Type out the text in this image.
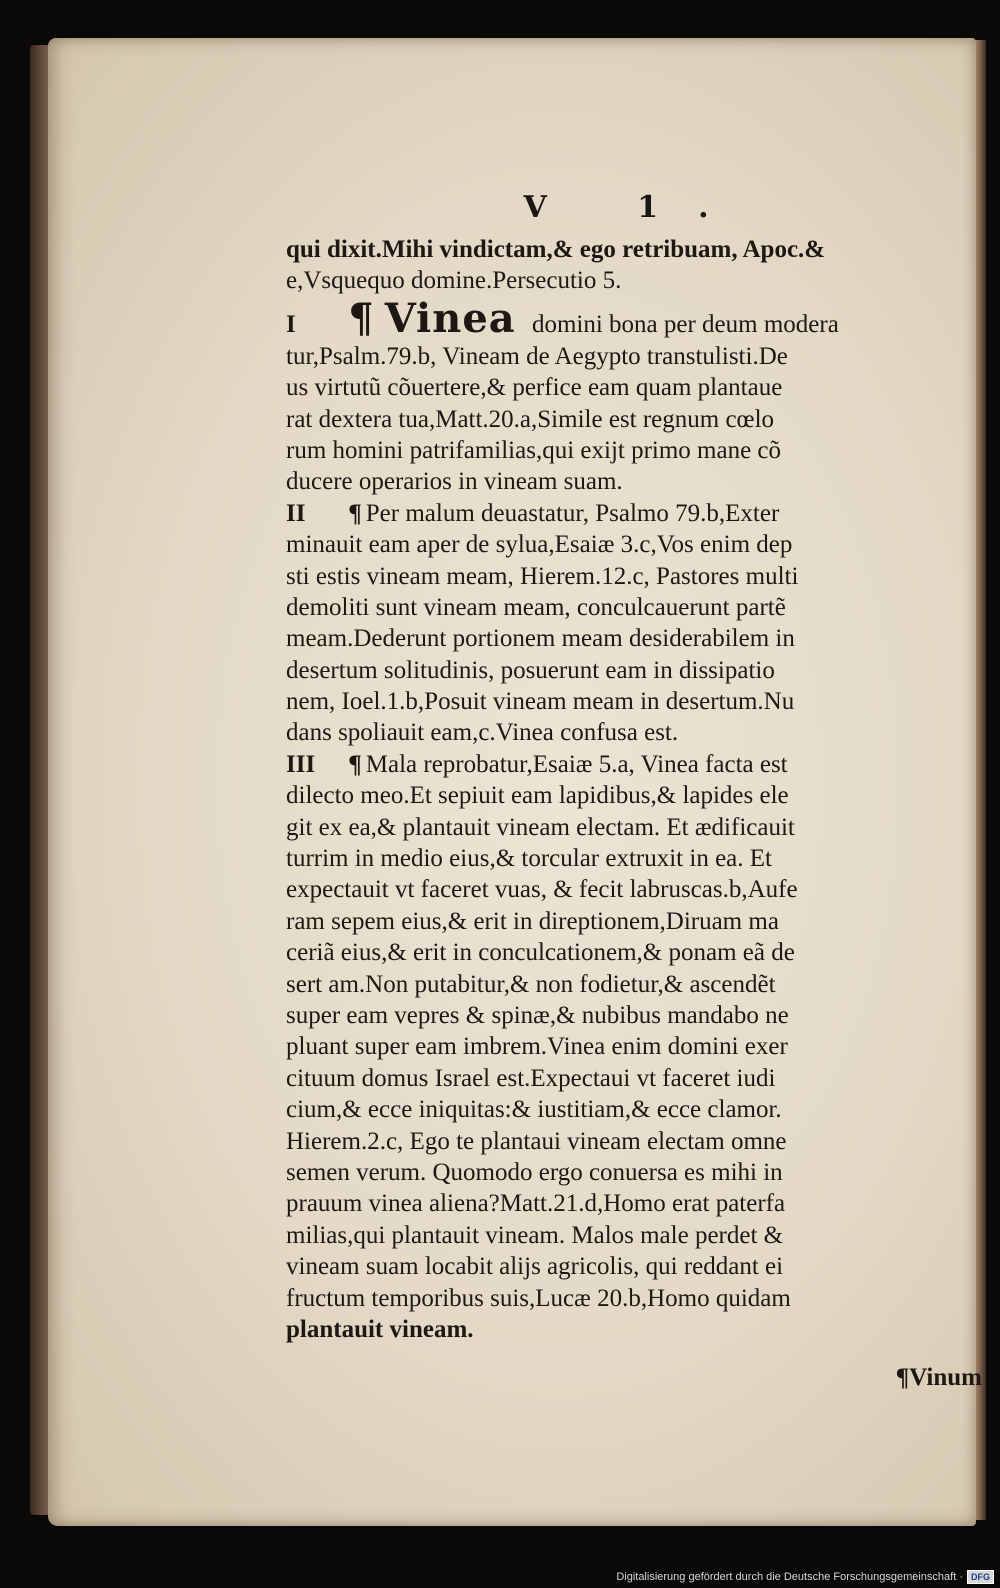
V 1.
qui dixit.Mihi vindictam,& ego retribuam, Apoc.&
e,Vsquequo domine.Persecutio 5.
I ¶ Vinea domini bona per deum modera
tur,Psalm.79.b, Vineam de Aegypto transtulisti.De
us virtutũ cõuertere,& perfice eam quam plantaue
rat dextera tua,Matt.20.a,Simile est regnum cœlo
rum homini patrifamilias,qui exijt primo mane cõ
ducere operarios in vineam suam.
II ¶ Per malum deuastatur, Psalmo 79.b,Exter
minauit eam aper de sylua,Esaiæ 3.c,Vos enim dep
sti estis vineam meam, Hierem.12.c, Pastores multi
demoliti sunt vineam meam, conculcauerunt partẽ
meam.Dederunt portionem meam desiderabilem in
desertum solitudinis, posuerunt eam in dissipatio
nem, Ioel.1.b,Posuit vineam meam in desertum.Nu
dans spoliauit eam,c.Vinea confusa est.
III ¶ Mala reprobatur,Esaiæ 5.a, Vinea facta est
dilecto meo.Et sepiuit eam lapidibus,& lapides ele
git ex ea,& plantauit vineam electam. Et ædificauit
turrim in medio eius,& torcular extruxit in ea. Et
expectauit vt faceret vuas, & fecit labruscas.b,Aufe
ram sepem eius,& erit in direptionem,Diruam ma
ceriã eius,& erit in conculcationem,& ponam eã de
sert am.Non putabitur,& non fodietur,& ascendẽt
super eam vepres & spinæ,& nubibus mandabo ne
pluant super eam imbrem.Vinea enim domini exer
cituum domus Israel est.Expectaui vt faceret iudi
cium,& ecce iniquitas:& iustitiam,& ecce clamor.
Hierem.2.c, Ego te plantaui vineam electam omne
semen verum. Quomodo ergo conuersa es mihi in
prauum vinea aliena?Matt.21.d,Homo erat paterfa
milias,qui plantauit vineam. Malos male perdet &
vineam suam locabit alijs agricolis, qui reddant ei
fructum temporibus suis,Lucæ 20.b,Homo quidam
plantauit vineam.
¶Vinum
Digitalisierung gefördert durch die Deutsche Forschungsgemeinschaft · DFG
